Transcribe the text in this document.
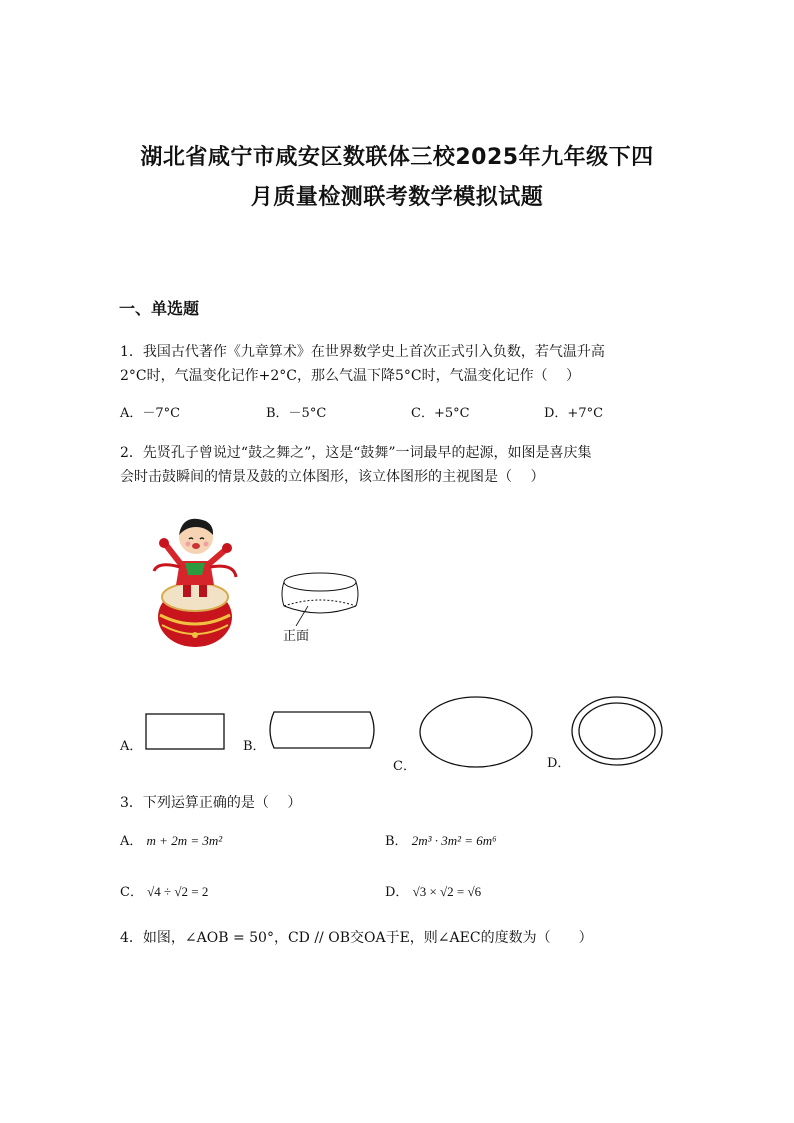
湖北省咸宁市咸安区数联体三校2025年九年级下四
月质量检测联考数学模拟试题
一、单选题
1．我国古代著作《九章算术》在世界数学史上首次正式引入负数，若气温升高
2°C时，气温变化记作+2°C，那么气温下降5°C时，气温变化记作（　 ）
A．－7°C	B．－5°C	C．+5°C	D．+7°C
2．先贤孔子曾说过“鼓之舞之”，这是“鼓舞”一词最早的起源，如图是喜庆集
会时击鼓瞬间的情景及鼓的立体图形，该立体图形的主视图是（　 ）
正面
A．	B．
C．	D．
3．下列运算正确的是（　 ）
A． m + 2m = 3m²	B． 2m³ · 3m² = 6m⁶
C． √4 ÷ √2 = 2	D． √3 × √2 = √6
4．如图，∠AOB = 50°，CD // OB交OA于E，则∠AEC的度数为（　　）
